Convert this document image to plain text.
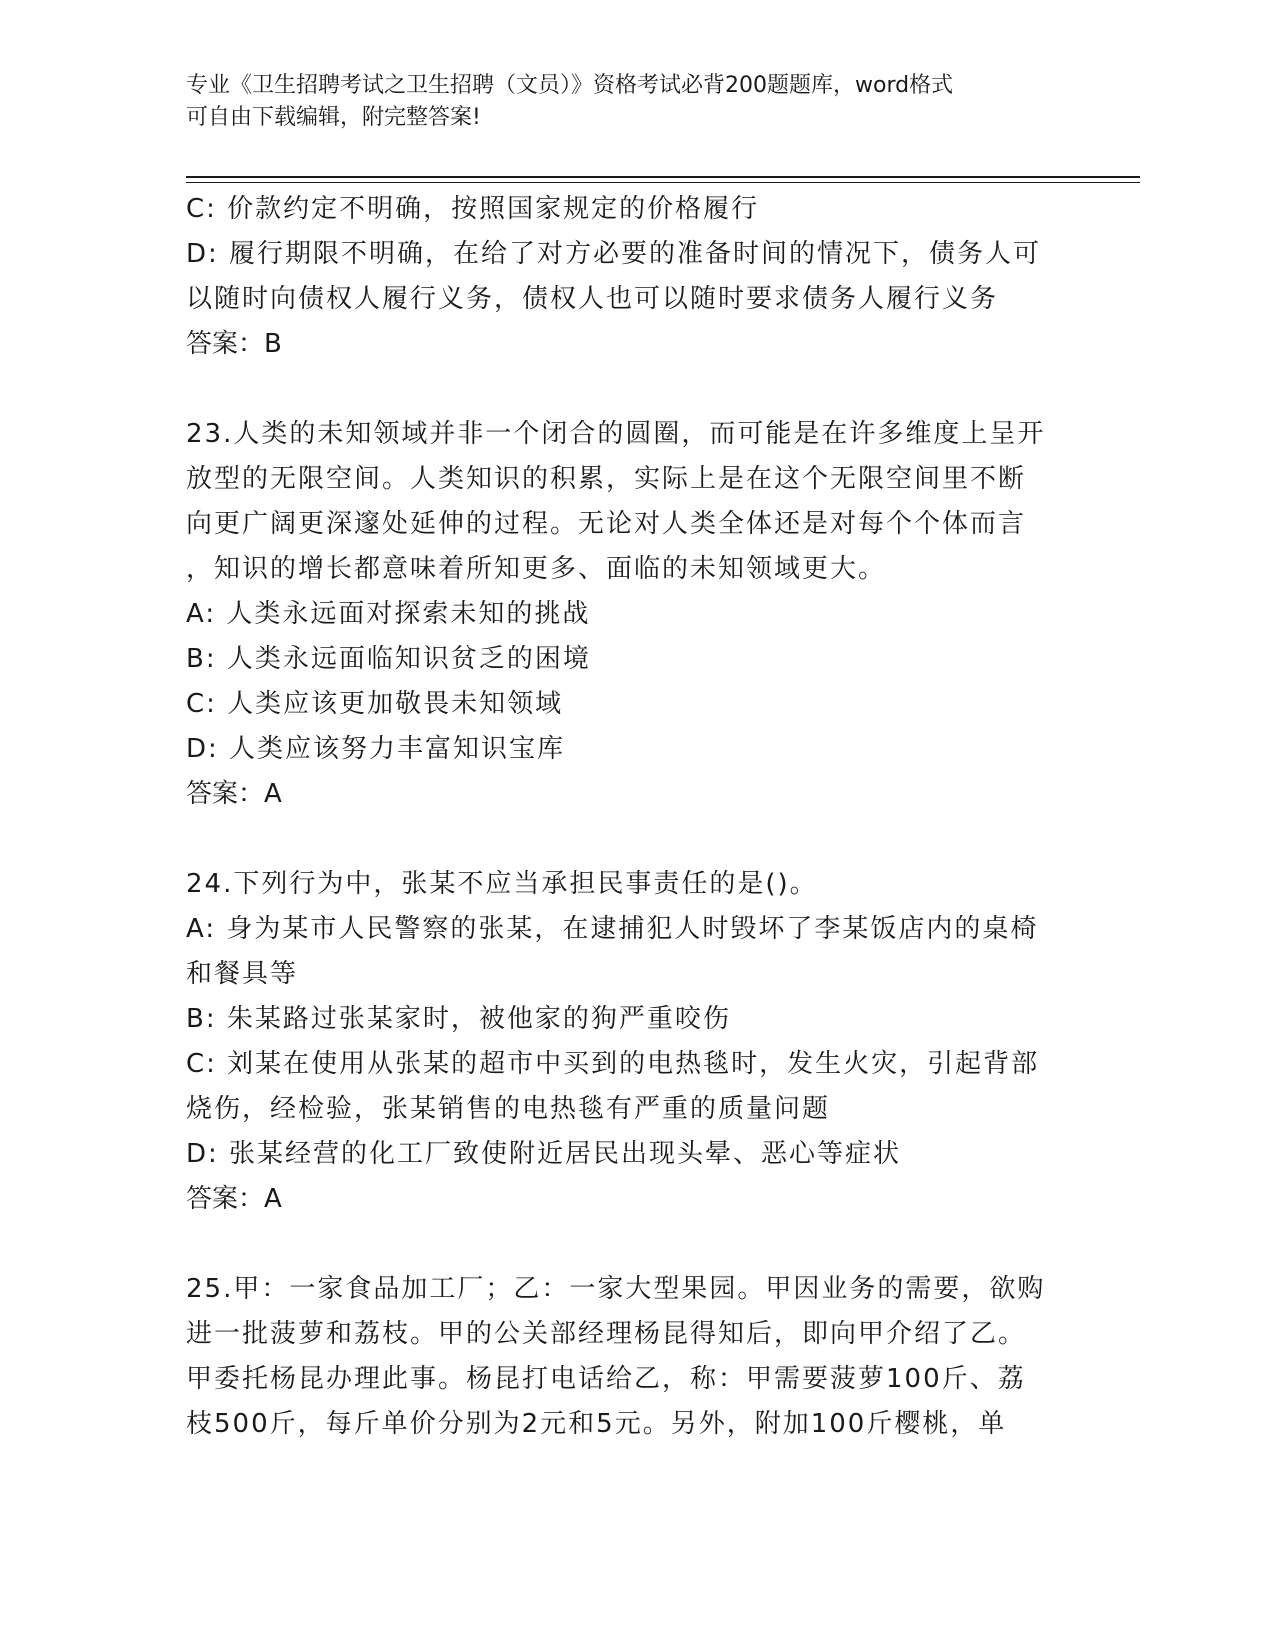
专业《卫生招聘考试之卫生招聘（文员）》资格考试必背200题题库，word格式

可自由下载编辑，附完整答案!

C: 价款约定不明确，按照国家规定的价格履行

D: 履行期限不明确，在给了对方必要的准备时间的情况下，债务人可

以随时向债权人履行义务，债权人也可以随时要求债务人履行义务

答案：B

23.人类的未知领域并非一个闭合的圆圈，而可能是在许多维度上呈开

放型的无限空间。人类知识的积累，实际上是在这个无限空间里不断

向更广阔更深邃处延伸的过程。无论对人类全体还是对每个个体而言

，知识的增长都意味着所知更多、面临的未知领域更大。

A: 人类永远面对探索未知的挑战

B: 人类永远面临知识贫乏的困境

C: 人类应该更加敬畏未知领域

D: 人类应该努力丰富知识宝库

答案：A

24.下列行为中，张某不应当承担民事责任的是()。

A: 身为某市人民警察的张某，在逮捕犯人时毁坏了李某饭店内的桌椅

和餐具等

B: 朱某路过张某家时，被他家的狗严重咬伤

C: 刘某在使用从张某的超市中买到的电热毯时，发生火灾，引起背部

烧伤，经检验，张某销售的电热毯有严重的质量问题

D: 张某经营的化工厂致使附近居民出现头晕、恶心等症状

答案：A

25.甲：一家食品加工厂；乙：一家大型果园。甲因业务的需要，欲购

进一批菠萝和荔枝。甲的公关部经理杨昆得知后，即向甲介绍了乙。

甲委托杨昆办理此事。杨昆打电话给乙，称：甲需要菠萝100斤、荔

枝500斤，每斤单价分别为2元和5元。另外，附加100斤樱桃，单
